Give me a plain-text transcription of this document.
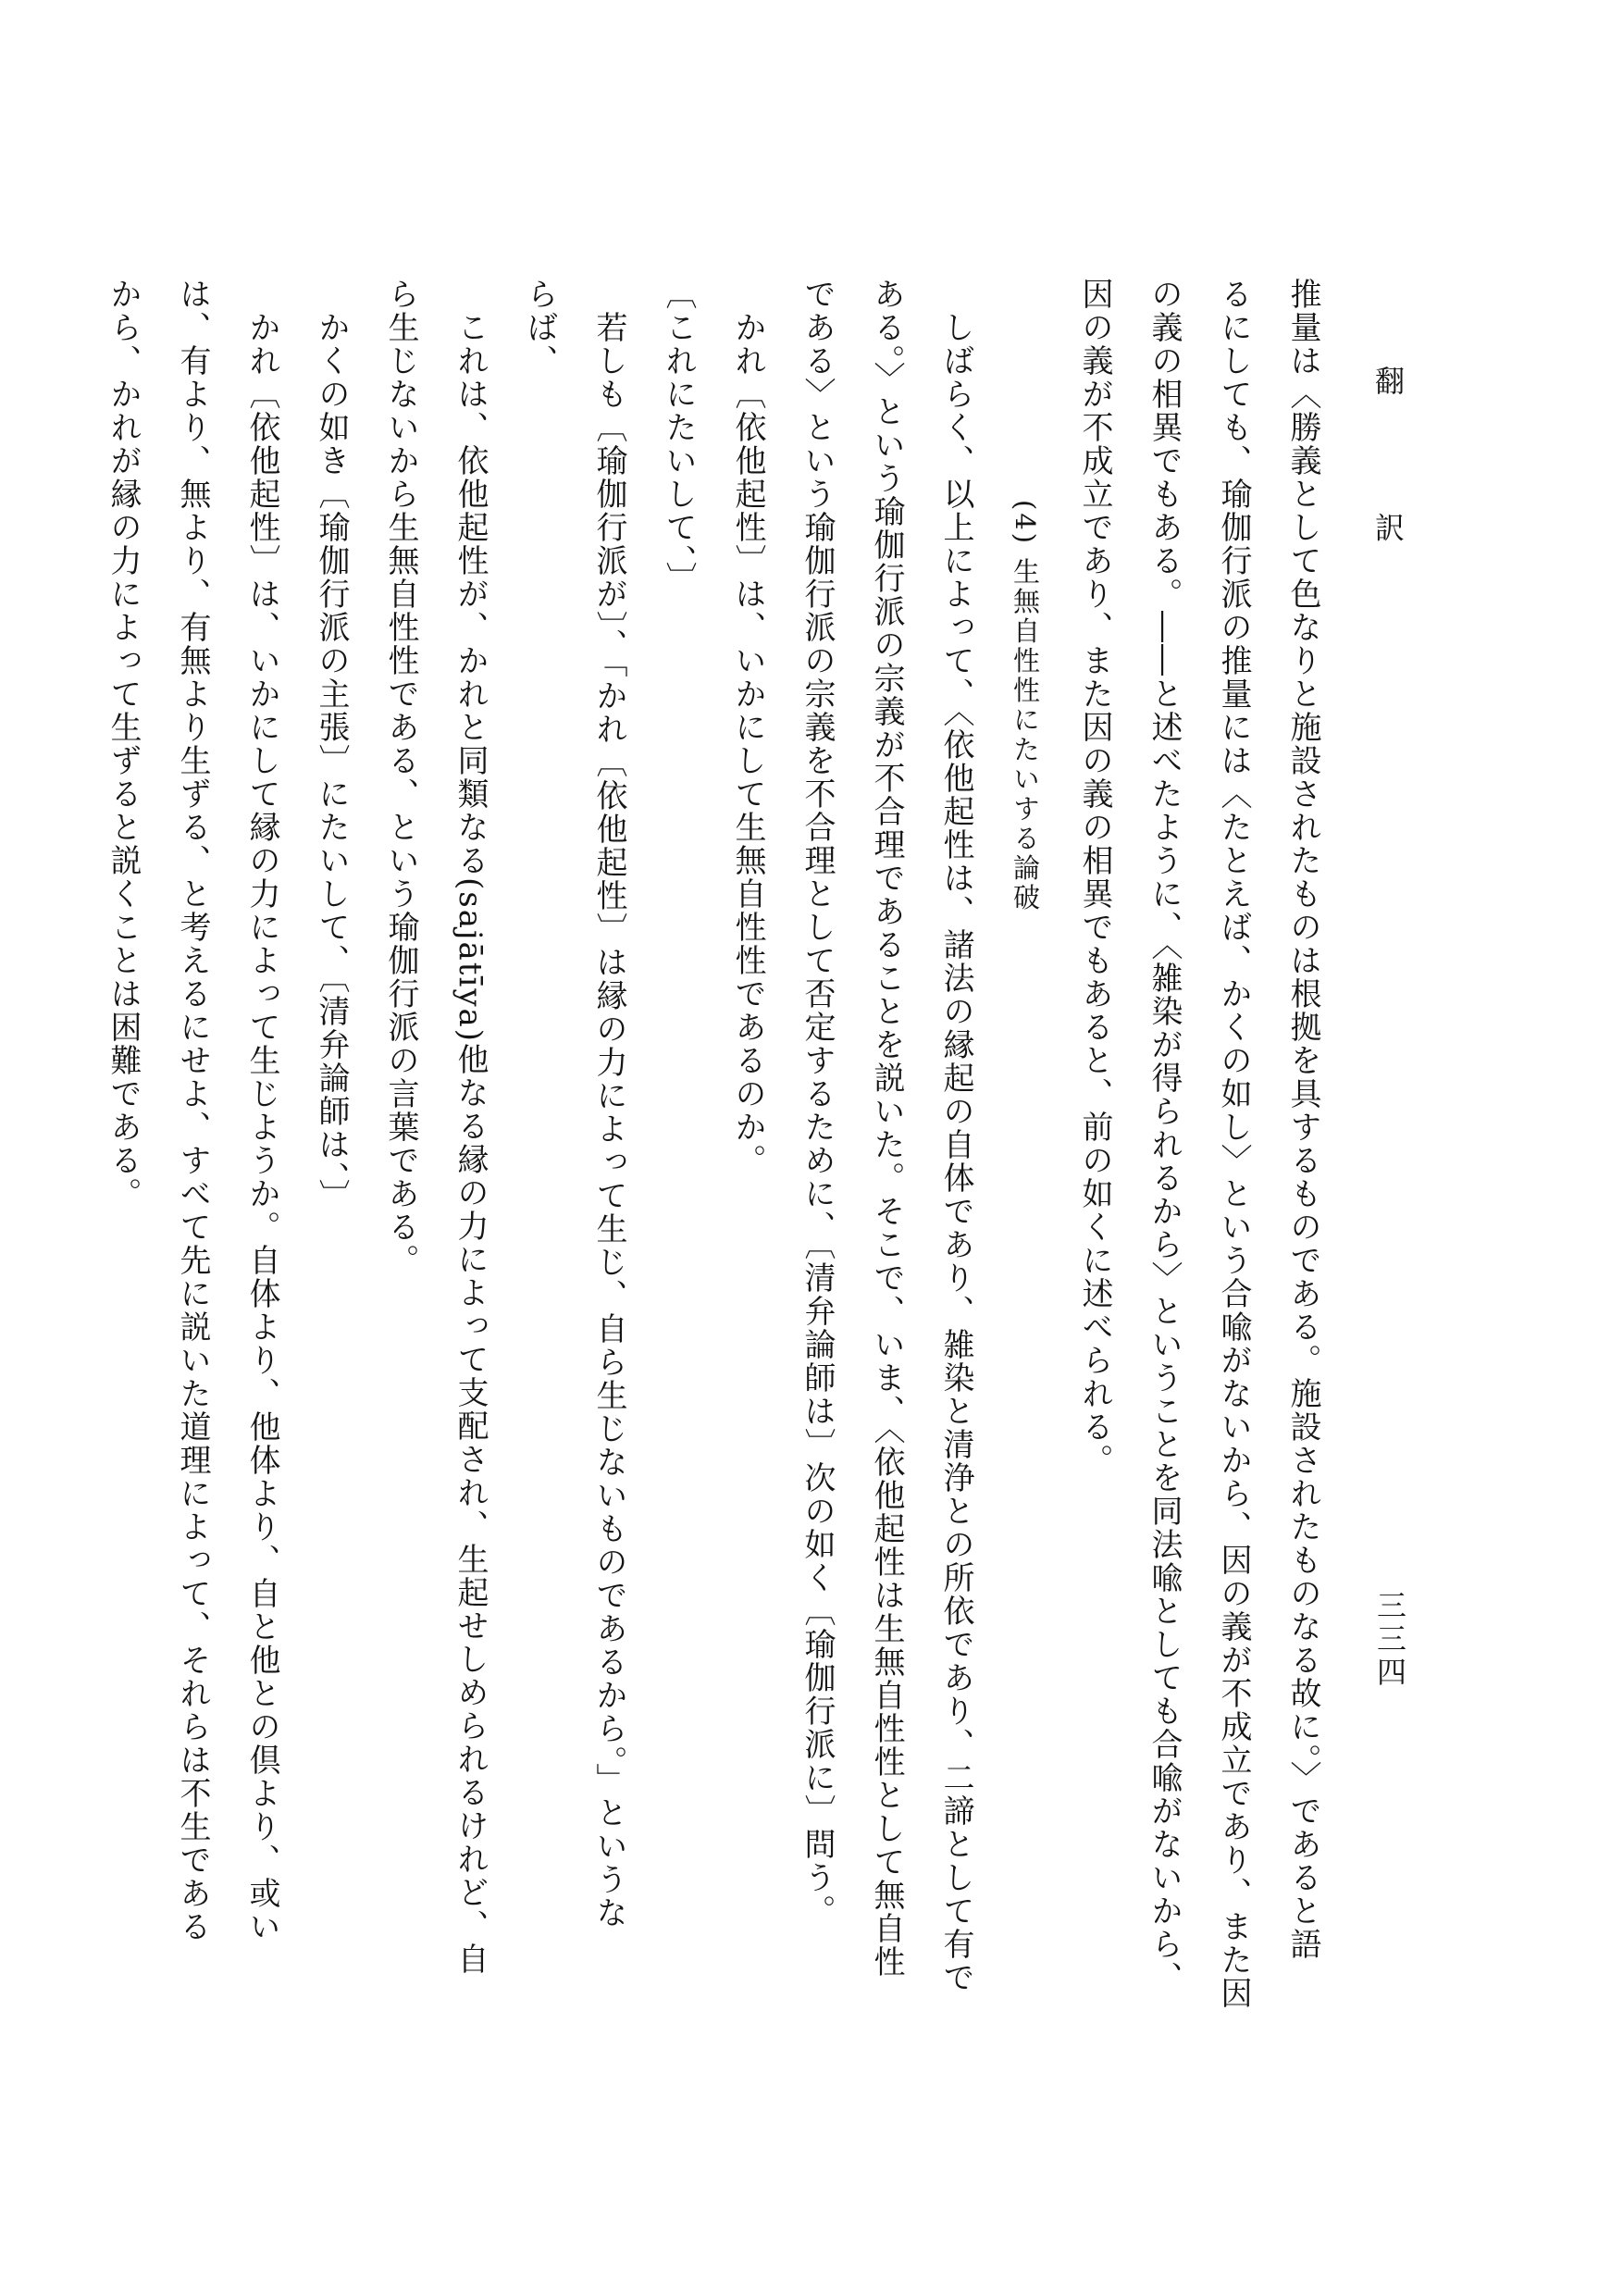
翻 訳
三三四

推量は〈勝義として色なりと施設されたものは根拠を具するものである。施設されたものなる故に。〉であると語

るにしても、瑜伽行派の推量には〈たとえば、かくの如し〉という合喩がないから、因の義が不成立であり、また因

の義の相異でもある。――と述べたように、〈雑染が得られるから〉ということを同法喩としても合喩がないから、

因の義が不成立であり、また因の義の相異でもあると、前の如くに述べられる。

(4) 生無自性性にたいする論破

しばらく、以上によって、〈依他起性は、諸法の縁起の自体であり、雑染と清浄との所依であり、二諦として有で

ある。〉という瑜伽行派の宗義が不合理であることを説いた。そこで、いま、〈依他起性は生無自性性として無自性

である〉という瑜伽行派の宗義を不合理として否定するために、〔清弁論師は〕次の如く〔瑜伽行派に〕問う。

かれ〔依他起性〕は、いかにして生無自性性であるのか。

〔これにたいして、〕

若しも〔瑜伽行派が〕、「かれ〔依他起性〕は縁の力によって生じ、自ら生じないものであるから。」というな

らば、

これは、依他起性が、かれと同類なる(sajātīya)他なる縁の力によって支配され、生起せしめられるけれど、自

ら生じないから生無自性性である、という瑜伽行派の言葉である。

かくの如き〔瑜伽行派の主張〕にたいして、〔清弁論師は、〕

かれ〔依他起性〕は、いかにして縁の力によって生じようか。自体より、他体より、自と他との倶より、或い

は、有より、無より、有無より生ずる、と考えるにせよ、すべて先に説いた道理によって、それらは不生である

から、かれが縁の力によって生ずると説くことは困難である。
